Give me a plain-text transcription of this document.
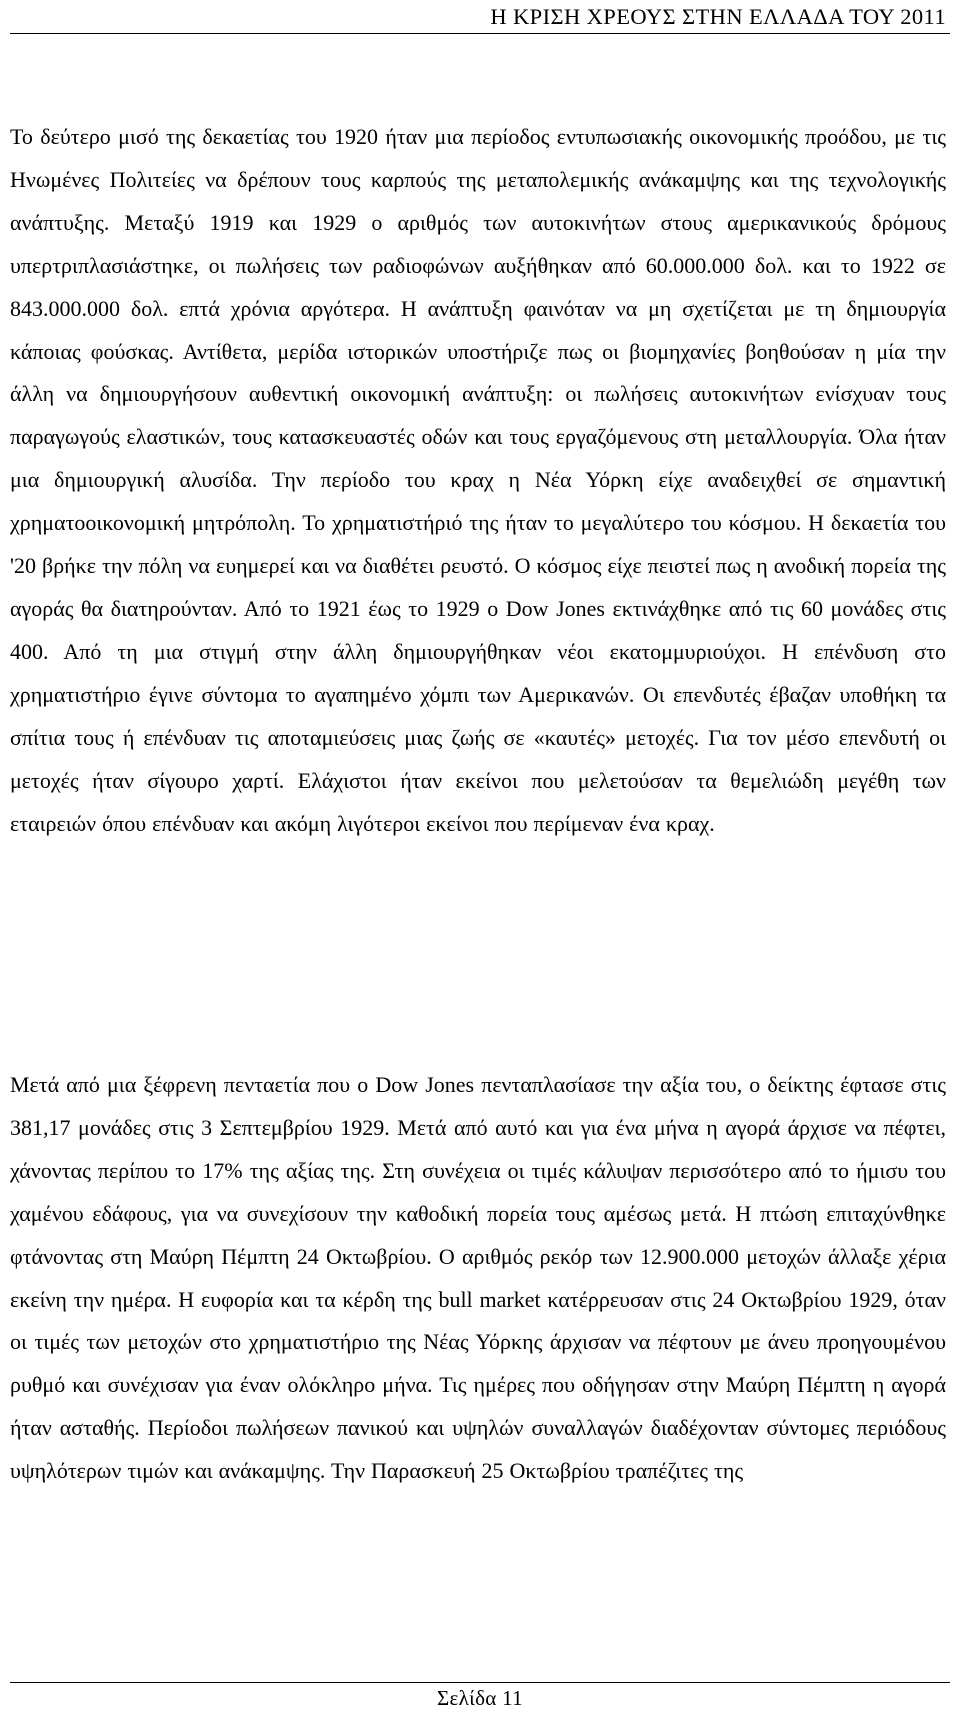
Η ΚΡΙΣΗ ΧΡΕΟΥΣ ΣΤΗΝ ΕΛΛΑΔΑ ΤΟΥ 2011

Το δεύτερο μισό της δεκαετίας του 1920 ήταν μια περίοδος εντυπωσιακής οικονομικής προόδου, με τις Ηνωμένες Πολιτείες να δρέπουν τους καρπούς της μεταπολεμικής ανάκαμψης και της τεχνολογικής ανάπτυξης. Μεταξύ 1919 και 1929 ο αριθμός των αυτοκινήτων στους αμερικανικούς δρόμους υπερτριπλασιάστηκε, οι πωλήσεις των ραδιοφώνων αυξήθηκαν από 60.000.000 δολ. και το 1922 σε 843.000.000 δολ. επτά χρόνια αργότερα. Η ανάπτυξη φαινόταν να μη σχετίζεται με τη δημιουργία κάποιας φούσκας. Αντίθετα, μερίδα ιστορικών υποστήριζε πως οι βιομηχανίες βοηθούσαν η μία την άλλη να δημιουργήσουν αυθεντική οικονομική ανάπτυξη: οι πωλήσεις αυτοκινήτων ενίσχυαν τους παραγωγούς ελαστικών, τους κατασκευαστές οδών και τους εργαζόμενους στη μεταλλουργία. Όλα ήταν μια δημιουργική αλυσίδα. Την περίοδο του κραχ η Νέα Υόρκη είχε αναδειχθεί σε σημαντική χρηματοοικονομική μητρόπολη. Το χρηματιστήριό της ήταν το μεγαλύτερο του κόσμου. Η δεκαετία του '20 βρήκε την πόλη να ευημερεί και να διαθέτει ρευστό. Ο κόσμος είχε πειστεί πως η ανοδική πορεία της αγοράς θα διατηρούνταν. Από το 1921 έως το 1929 ο Dow Jones εκτινάχθηκε από τις 60 μονάδες στις 400. Από τη μια στιγμή στην άλλη δημιουργήθηκαν νέοι εκατομμυριούχοι. Η επένδυση στο χρηματιστήριο έγινε σύντομα το αγαπημένο χόμπι των Αμερικανών. Οι επενδυτές έβαζαν υποθήκη τα σπίτια τους ή επένδυαν τις αποταμιεύσεις μιας ζωής σε «καυτές» μετοχές. Για τον μέσο επενδυτή οι μετοχές ήταν σίγουρο χαρτί. Ελάχιστοι ήταν εκείνοι που μελετούσαν τα θεμελιώδη μεγέθη των εταιρειών όπου επένδυαν και ακόμη λιγότεροι εκείνοι που περίμεναν ένα κραχ.

Μετά από μια ξέφρενη πενταετία που ο Dow Jones πενταπλασίασε την αξία του, ο δείκτης έφτασε στις 381,17 μονάδες στις 3 Σεπτεμβρίου 1929. Μετά από αυτό και για ένα μήνα η αγορά άρχισε να πέφτει, χάνοντας περίπου το 17% της αξίας της. Στη συνέχεια οι τιμές κάλυψαν περισσότερο από το ήμισυ του χαμένου εδάφους, για να συνεχίσουν την καθοδική πορεία τους αμέσως μετά. Η πτώση επιταχύνθηκε φτάνοντας στη Μαύρη Πέμπτη 24 Οκτωβρίου. Ο αριθμός ρεκόρ των 12.900.000 μετοχών άλλαξε χέρια εκείνη την ημέρα. Η ευφορία και τα κέρδη της bull market κατέρρευσαν στις 24 Οκτωβρίου 1929, όταν οι τιμές των μετοχών στο χρηματιστήριο της Νέας Υόρκης άρχισαν να πέφτουν με άνευ προηγουμένου ρυθμό και συνέχισαν για έναν ολόκληρο μήνα. Τις ημέρες που οδήγησαν στην Μαύρη Πέμπτη η αγορά ήταν ασταθής. Περίοδοι πωλήσεων πανικού και υψηλών συναλλαγών διαδέχονταν σύντομες περιόδους υψηλότερων τιμών και ανάκαμψης. Την Παρασκευή 25 Οκτωβρίου τραπέζιτες της

Σελίδα 11
